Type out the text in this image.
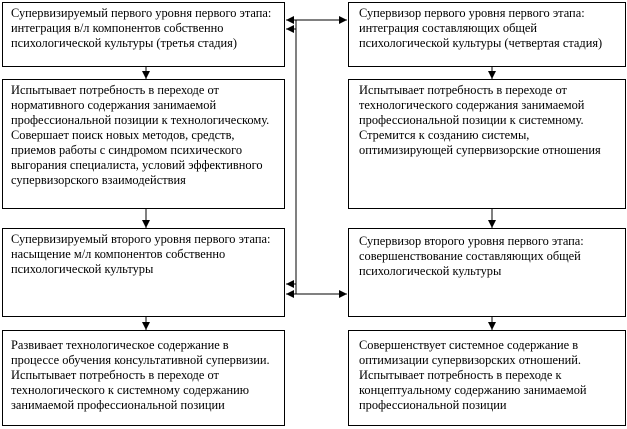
Супервизируемый первого уровня первого этапа: интеграция в/л компонентов собственно психологической культуры (третья стадия)
Испытывает потребность в переходе от нормативного содержания занимаемой профессиональной позиции к технологическому. Совершает поиск новых методов, средств, приемов работы с синдромом психического выгорания специалиста, условий эффективного супервизорского взаимодействия
Супервизируемый второго уровня первого этапа: насыщение м/л компонентов собственно психологической культуры
Развивает технологическое содержание в процессе обучения консультативной супервизии. Испытывает потребность в переходе от технологического к системному содержанию занимаемой профессиональной позиции
Супервизор первого уровня первого этапа: интеграция составляющих общей психологической культуры (четвертая стадия)
Испытывает потребность в переходе от технологического содержания занимаемой профессиональной позиции к системному. Стремится к созданию системы, оптимизирующей супервизорские отношения
Супервизор второго уровня первого этапа: совершенствование составляющих общей психологической культуры
Совершенствует системное содержание в оптимизации супервизорских отношений. Испытывает потребность в переходе к концептуальному содержанию занимаемой профессиональной позиции
